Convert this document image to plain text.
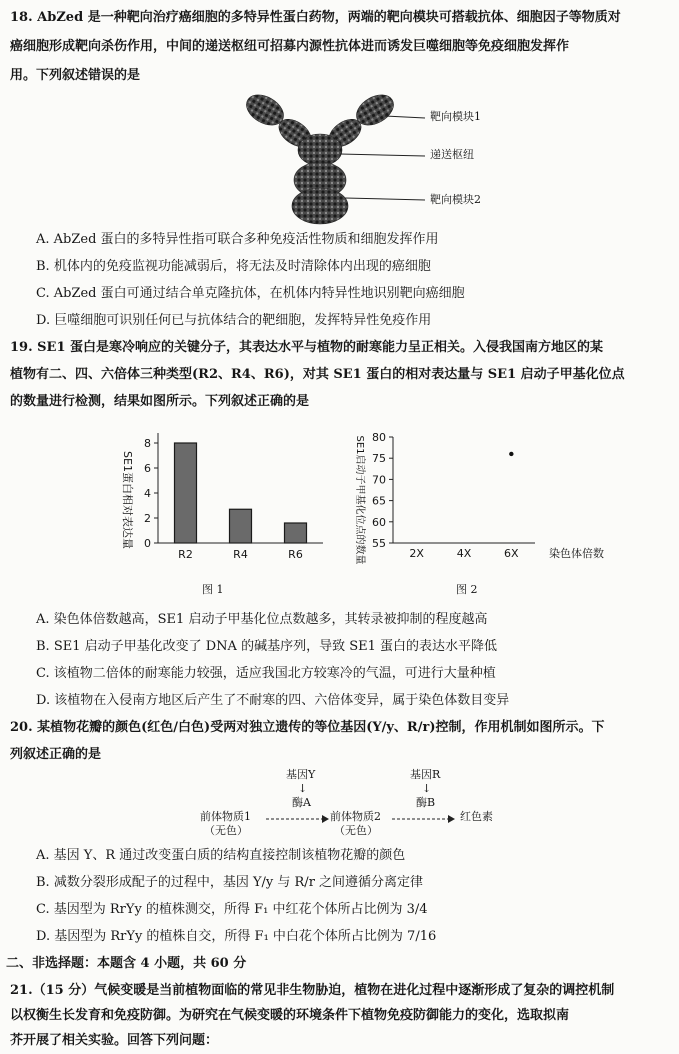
18. AbZed 是一种靶向治疗癌细胞的多特异性蛋白药物，两端的靶向模块可搭载抗体、细胞因子等物质对
癌细胞形成靶向杀伤作用，中间的递送枢纽可招募内源性抗体进而诱发巨噬细胞等免疫细胞发挥作
用。下列叙述错误的是
靶向模块1
递送枢纽
靶向模块2
A. AbZed 蛋白的多特异性指可联合多种免疫活性物质和细胞发挥作用
B. 机体内的免疫监视功能减弱后，将无法及时清除体内出现的癌细胞
C. AbZed 蛋白可通过结合单克隆抗体，在机体内特异性地识别靶向癌细胞
D. 巨噬细胞可识别任何已与抗体结合的靶细胞，发挥特异性免疫作用
19. SE1 蛋白是寒冷响应的关键分子，其表达水平与植物的耐寒能力呈正相关。入侵我国南方地区的某
植物有二、四、六倍体三种类型(R2、R4、R6)，对其 SE1 蛋白的相对表达量与 SE1 启动子甲基化位点
的数量进行检测，结果如图所示。下列叙述正确的是
SE1蛋白相对表达量 0
2
4
6
8
R2	R4	R6
图 1
SE1启动子甲基化位点的数量 55
60
65
70
75
80
2X	4X	6X	染色体倍数
图 2
A. 染色体倍数越高，SE1 启动子甲基化位点数越多，其转录被抑制的程度越高
B. SE1 启动子甲基化改变了 DNA 的碱基序列，导致 SE1 蛋白的表达水平降低
C. 该植物二倍体的耐寒能力较强，适应我国北方较寒冷的气温，可进行大量种植
D. 该植物在入侵南方地区后产生了不耐寒的四、六倍体变异，属于染色体数目变异
20. 某植物花瓣的颜色(红色/白色)受两对独立遗传的等位基因(Y/y、R/r)控制，作用机制如图所示。下
列叙述正确的是
基因Y
↓
酶A
基因R
↓
酶B
前体物质1
（无色）
前体物质2
（无色）
红色素
A. 基因 Y、R 通过改变蛋白质的结构直接控制该植物花瓣的颜色
B. 减数分裂形成配子的过程中，基因 Y/y 与 R/r 之间遵循分离定律
C. 基因型为 RrYy 的植株测交，所得 F₁ 中红花个体所占比例为 3/4
D. 基因型为 RrYy 的植株自交，所得 F₁ 中白花个体所占比例为 7/16
二、非选择题：本题含 4 小题，共 60 分
21.（15 分）气候变暖是当前植物面临的常见非生物胁迫，植物在进化过程中逐渐形成了复杂的调控机制
以权衡生长发育和免疫防御。为研究在气候变暖的环境条件下植物免疫防御能力的变化，选取拟南
芥开展了相关实验。回答下列问题：
